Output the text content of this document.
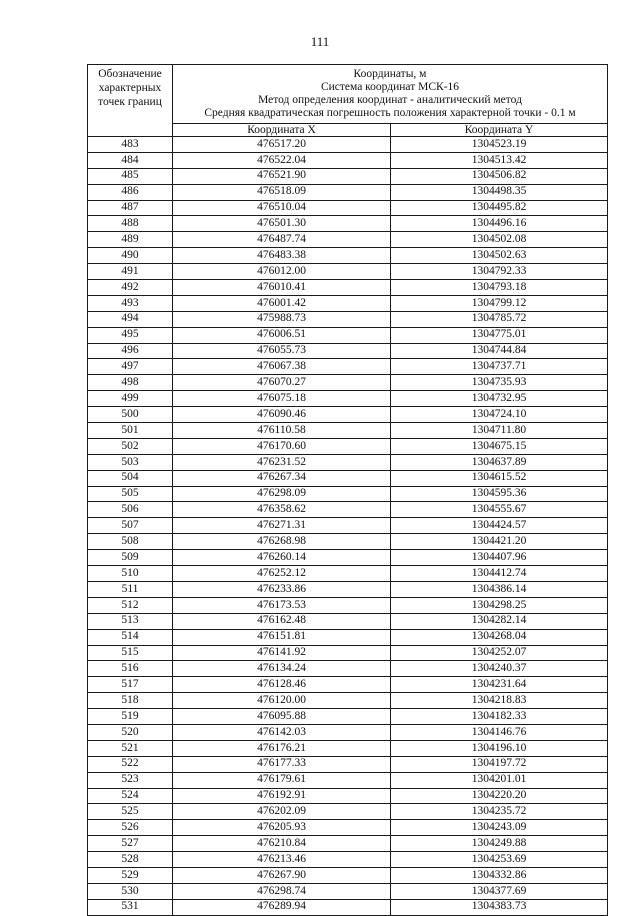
111
Обозначение
характерных
точек границ	Координаты, м
Система координат МСК-16
Метод определения координат - аналитический метод
Средняя квадратическая погрешность положения характерной точки - 0.1 м	

	Координата X	Координата Y
483	476517.20	1304523.19
484	476522.04	1304513.42
485	476521.90	1304506.82
486	476518.09	1304498.35
487	476510.04	1304495.82
488	476501.30	1304496.16
489	476487.74	1304502.08
490	476483.38	1304502.63
491	476012.00	1304792.33
492	476010.41	1304793.18
493	476001.42	1304799.12
494	475988.73	1304785.72
495	476006.51	1304775.01
496	476055.73	1304744.84
497	476067.38	1304737.71
498	476070.27	1304735.93
499	476075.18	1304732.95
500	476090.46	1304724.10
501	476110.58	1304711.80
502	476170.60	1304675.15
503	476231.52	1304637.89
504	476267.34	1304615.52
505	476298.09	1304595.36
506	476358.62	1304555.67
507	476271.31	1304424.57
508	476268.98	1304421.20
509	476260.14	1304407.96
510	476252.12	1304412.74
511	476233.86	1304386.14
512	476173.53	1304298.25
513	476162.48	1304282.14
514	476151.81	1304268.04
515	476141.92	1304252.07
516	476134.24	1304240.37
517	476128.46	1304231.64
518	476120.00	1304218.83
519	476095.88	1304182.33
520	476142.03	1304146.76
521	476176.21	1304196.10
522	476177.33	1304197.72
523	476179.61	1304201.01
524	476192.91	1304220.20
525	476202.09	1304235.72
526	476205.93	1304243.09
527	476210.84	1304249.88
528	476213.46	1304253.69
529	476267.90	1304332.86
530	476298.74	1304377.69
531	476289.94	1304383.73
